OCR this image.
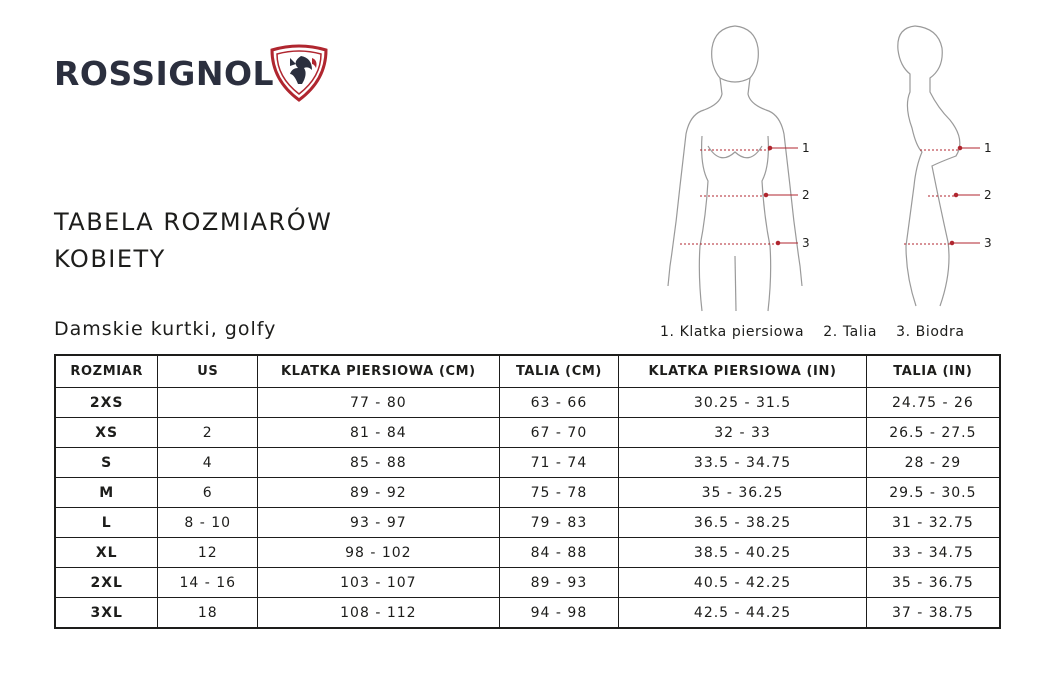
ROSSIGNOL
TABELA ROZMIARÓW
KOBIETY
Damskie kurtki, golfy
1
2
3
1
2
3
1. Klatka piersiowa 2. Talia 3. Biodra
ROZMIAR	US	KLATKA PIERSIOWA (CM)	TALIA (CM)	KLATKA PIERSIOWA (IN)	TALIA (IN)
2XS		77 - 80	63 - 66	30.25 - 31.5	24.75 - 26
XS	2	81 - 84	67 - 70	32 - 33	26.5 - 27.5
S	4	85 - 88	71 - 74	33.5 - 34.75	28 - 29
M	6	89 - 92	75 - 78	35 - 36.25	29.5 - 30.5
L	8 - 10	93 - 97	79 - 83	36.5 - 38.25	31 - 32.75
XL	12	98 - 102	84 - 88	38.5 - 40.25	33 - 34.75
2XL	14 - 16	103 - 107	89 - 93	40.5 - 42.25	35 - 36.75
3XL	18	108 - 112	94 - 98	42.5 - 44.25	37 - 38.75
